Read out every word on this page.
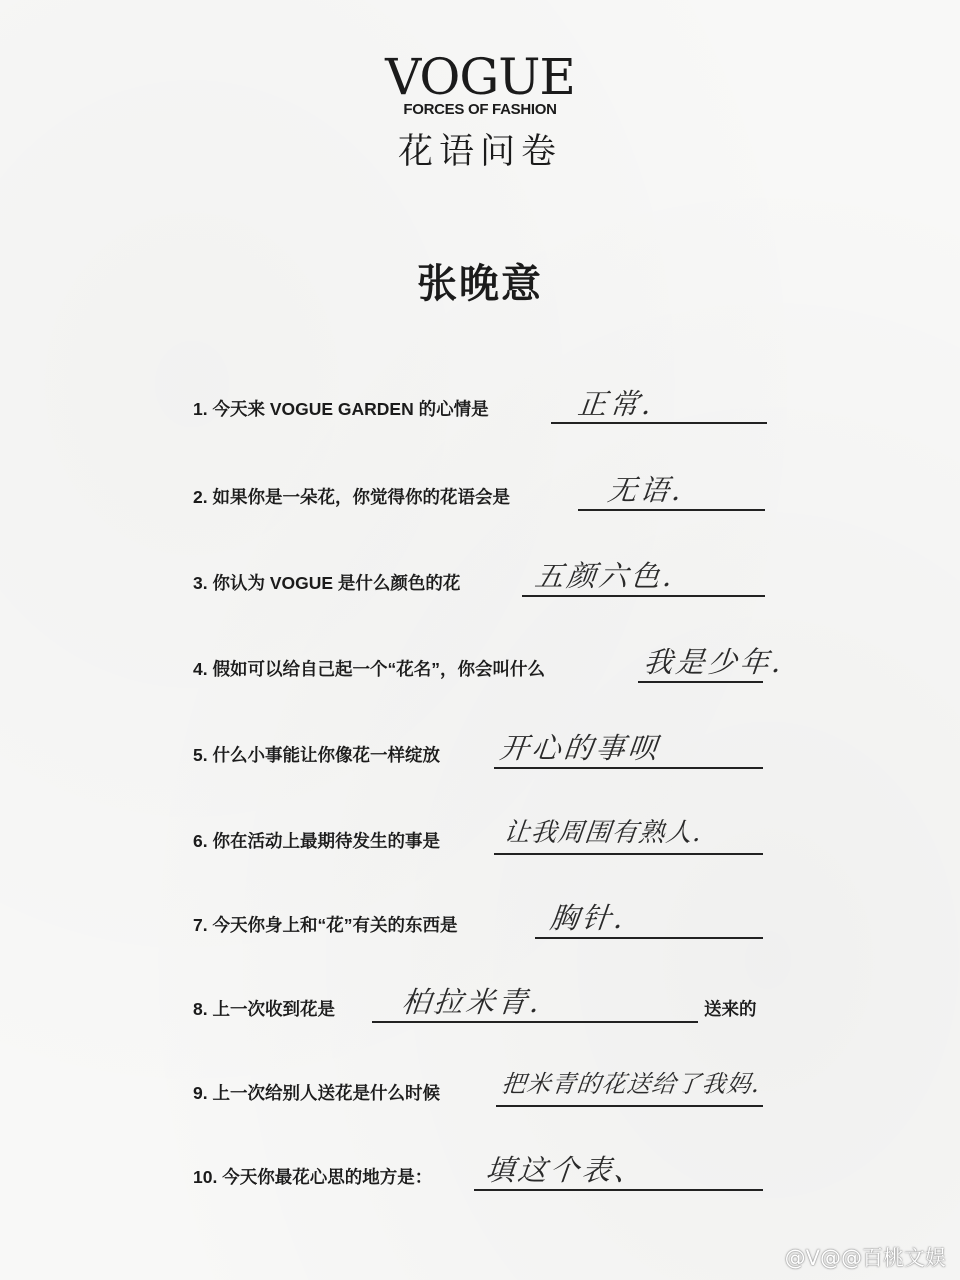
VOGUE
FORCES OF FASHION
花语问卷
张晚意
1. 今天来 VOGUE GARDEN 的心情是	正常.
2. 如果你是一朵花，你觉得你的花语会是	无语.
3. 你认为 VOGUE 是什么颜色的花	五颜六色.
4. 假如可以给自己起一个“花名”，你会叫什么	我是少年.
5. 什么小事能让你像花一样绽放 开心的事呗
6. 你在活动上最期待发生的事是 让我周围有熟人.
7. 今天你身上和“花”有关的东西是	胸针.
8. 上一次收到花是 柏拉米青.	送来的
9. 上一次给别人送花是什么时候	把米青的花送给了我妈.
10. 今天你最花心思的地方是： 填这个表、
@V@@百桃文娱
